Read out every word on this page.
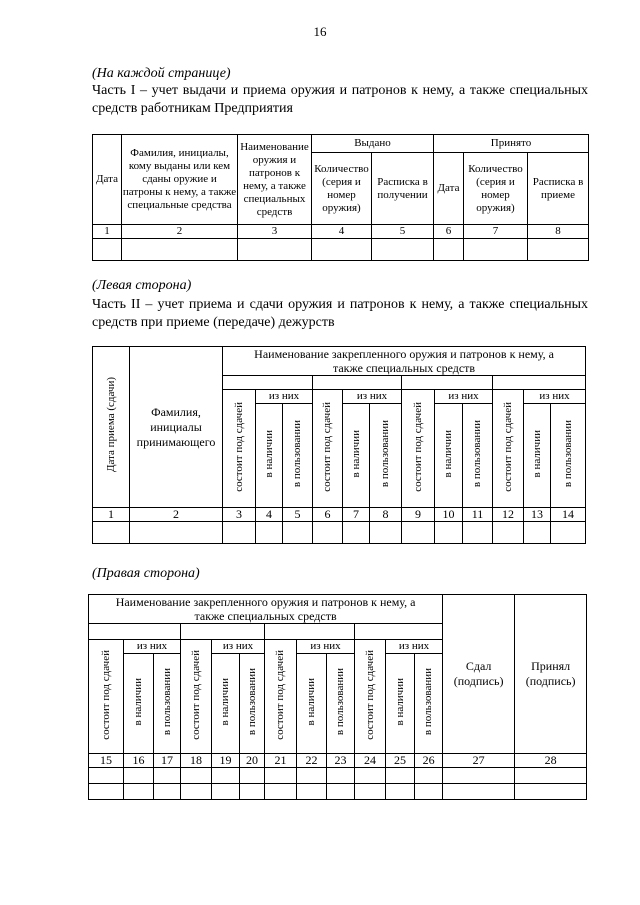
16
(На каждой странице)
Часть I – учет выдачи и приема оружия и патронов к нему, а также специальных средств работникам Предприятия
Дата	Фамилия, инициалы, кому выданы или кем сданы оружие и патроны к нему, а также специальные средства	Наименование оружия и патронов к нему, а также специальных средств	Выдано		Принято		
			Количество (серия и номер оружия)	Расписка в получении	Дата	Количество (серия и номер оружия)	Расписка в приеме
1	2	3	4	5	6	7	8

(Левая сторона)
Часть II – учет приема и сдачи оружия и патронов к нему, а также специальных средств при приеме (передаче) дежурств
Дата приема (сдачи)	Фамилия, инициалы принимающего	Наименование закрепленного оружия и патронов к нему, а также специальных средств											

		состоит под сдачей	из них		состоит под сдачей	из них		состоит под сдачей	из них		состоит под сдачей	из них	
			в наличии	в пользовании		в наличии	в пользовании		в наличии	в пользовании		в наличии	в пользовании
1	2	3	4	5	6	7	8	9	10	11	12	13	14

(Правая сторона)
Наименование закрепленного оружия и патронов к нему, а также специальных средств												Сдал (подпись)	Принял (подпись)

состоит под сдачей	из них		состоит под сдачей	из них		состоит под сдачей	из них		состоит под сдачей	из них			
	в наличии	в пользовании		в наличии	в пользовании		в наличии	в пользовании		в наличии	в пользовании		
15	16	17	18	19	20	21	22	23	24	25	26	27	28
